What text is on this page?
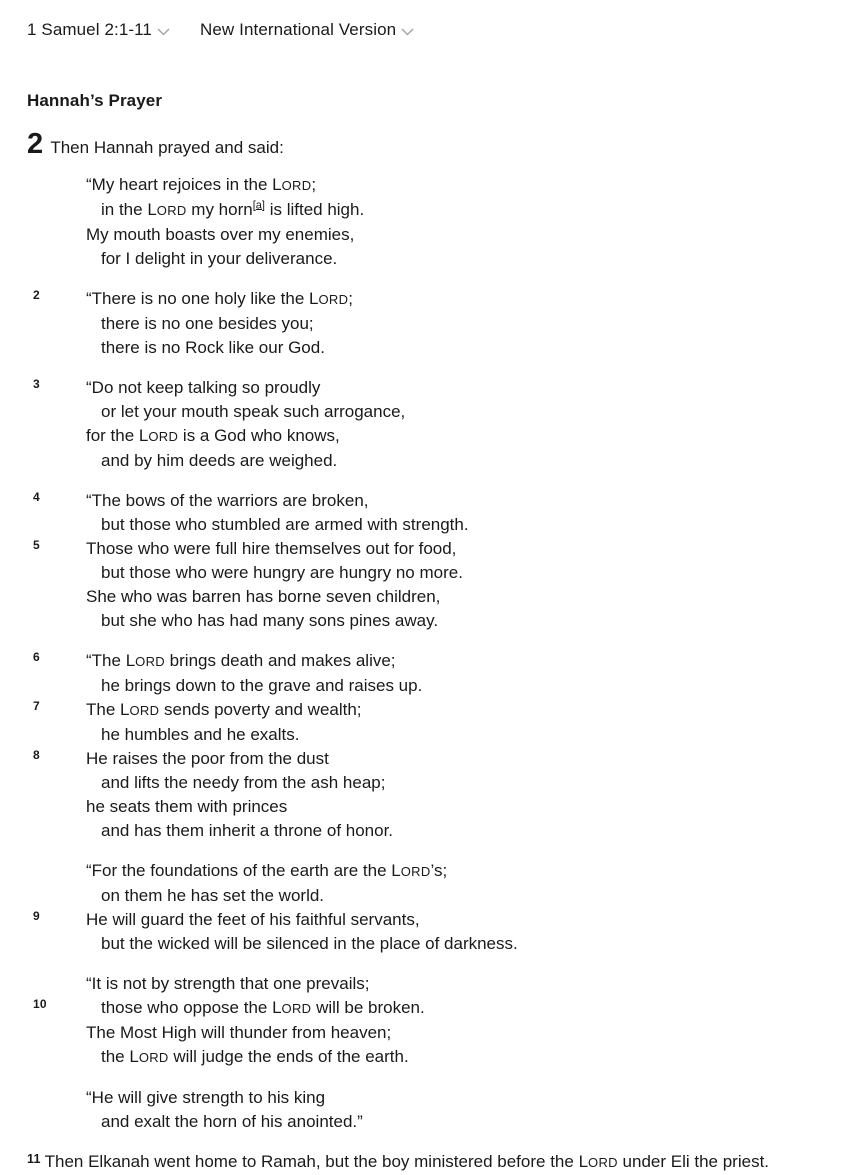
1 Samuel 2:1-11	New International Version
Hannah’s Prayer

2 Then Hannah prayed and said:

“My heart rejoices in the LORD;
in the LORD my horn[a] is lifted high.
My mouth boasts over my enemies,
for I delight in your deliverance.
2	“There is no one holy like the LORD;
there is no one besides you;
there is no Rock like our God.
3	“Do not keep talking so proudly
or let your mouth speak such arrogance,
for the LORD is a God who knows,
and by him deeds are weighed.
4	“The bows of the warriors are broken,
but those who stumbled are armed with strength.
5	Those who were full hire themselves out for food,
but those who were hungry are hungry no more.
She who was barren has borne seven children,
but she who has had many sons pines away.
6	“The LORD brings death and makes alive;
he brings down to the grave and raises up.
7	The LORD sends poverty and wealth;
he humbles and he exalts.
8	He raises the poor from the dust
and lifts the needy from the ash heap;
he seats them with princes
and has them inherit a throne of honor.
“For the foundations of the earth are the LORD’s;
on them he has set the world.
9	He will guard the feet of his faithful servants,
but the wicked will be silenced in the place of darkness.
“It is not by strength that one prevails;
10	those who oppose the LORD will be broken.
The Most High will thunder from heaven;
the LORD will judge the ends of the earth.
“He will give strength to his king
and exalt the horn of his anointed.”

$^{11}$ Then Elkanah went home to Ramah, but the boy ministered before the LORD under Eli the priest.
